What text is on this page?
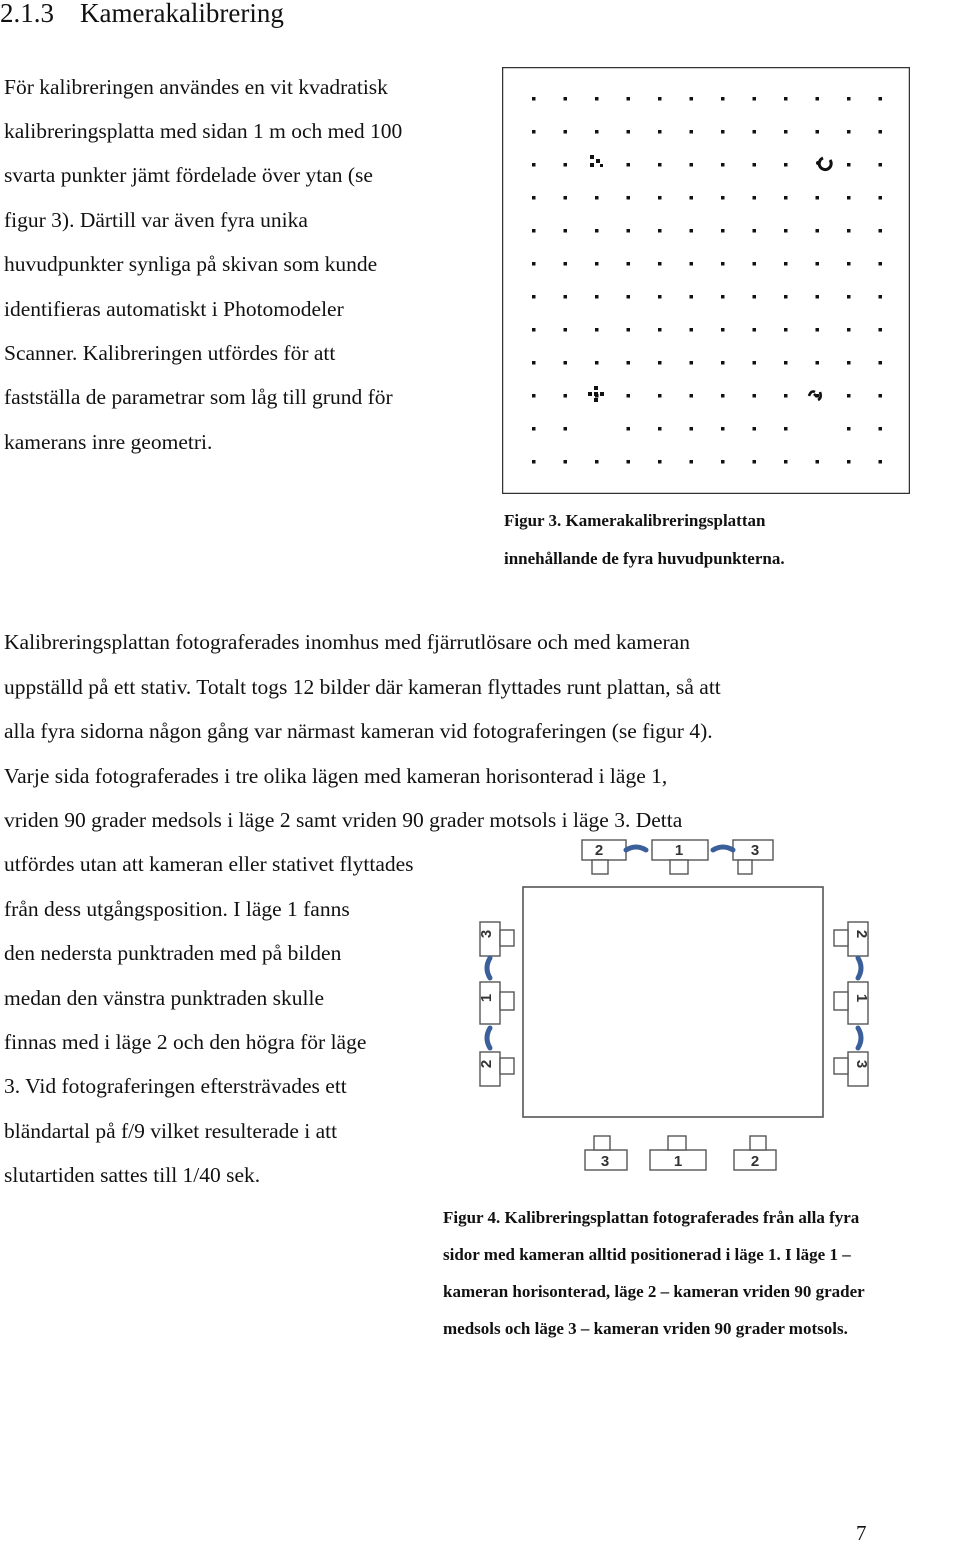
2.1.3 Kamerakalibrering
För kalibreringen användes en vit kvadratisk
kalibreringsplatta med sidan 1 m och med 100
svarta punkter jämt fördelade över ytan (se
figur 3). Därtill var även fyra unika
huvudpunkter synliga på skivan som kunde
identifieras automatiskt i Photomodeler
Scanner. Kalibreringen utfördes för att
fastställa de parametrar som låg till grund för
kamerans inre geometri.
Figur 3. Kamerakalibreringsplattan
innehållande de fyra huvudpunkterna.
Kalibreringsplattan fotograferades inomhus med fjärrutlösare och med kameran
uppställd på ett stativ. Totalt togs 12 bilder där kameran flyttades runt plattan, så att
alla fyra sidorna någon gång var närmast kameran vid fotograferingen (se figur 4).
Varje sida fotograferades i tre olika lägen med kameran horisonterad i läge 1,
vriden 90 grader medsols i läge 2 samt vriden 90 grader motsols i läge 3. Detta
utfördes utan att kameran eller stativet flyttades
från dess utgångsposition. I läge 1 fanns
den nedersta punktraden med på bilden
medan den vänstra punktraden skulle
finnas med i läge 2 och den högra för läge
3. Vid fotograferingen eftersträvades ett
bländartal på f/9 vilket resulterade i att
slutartiden sattes till 1/40 sek.
2	1	3
3
1
2
2
1
3
3	1	2
Figur 4. Kalibreringsplattan fotograferades från alla fyra
sidor med kameran alltid positionerad i läge 1. I läge 1 –
kameran horisonterad, läge 2 – kameran vriden 90 grader
medsols och läge 3 – kameran vriden 90 grader motsols.
7
